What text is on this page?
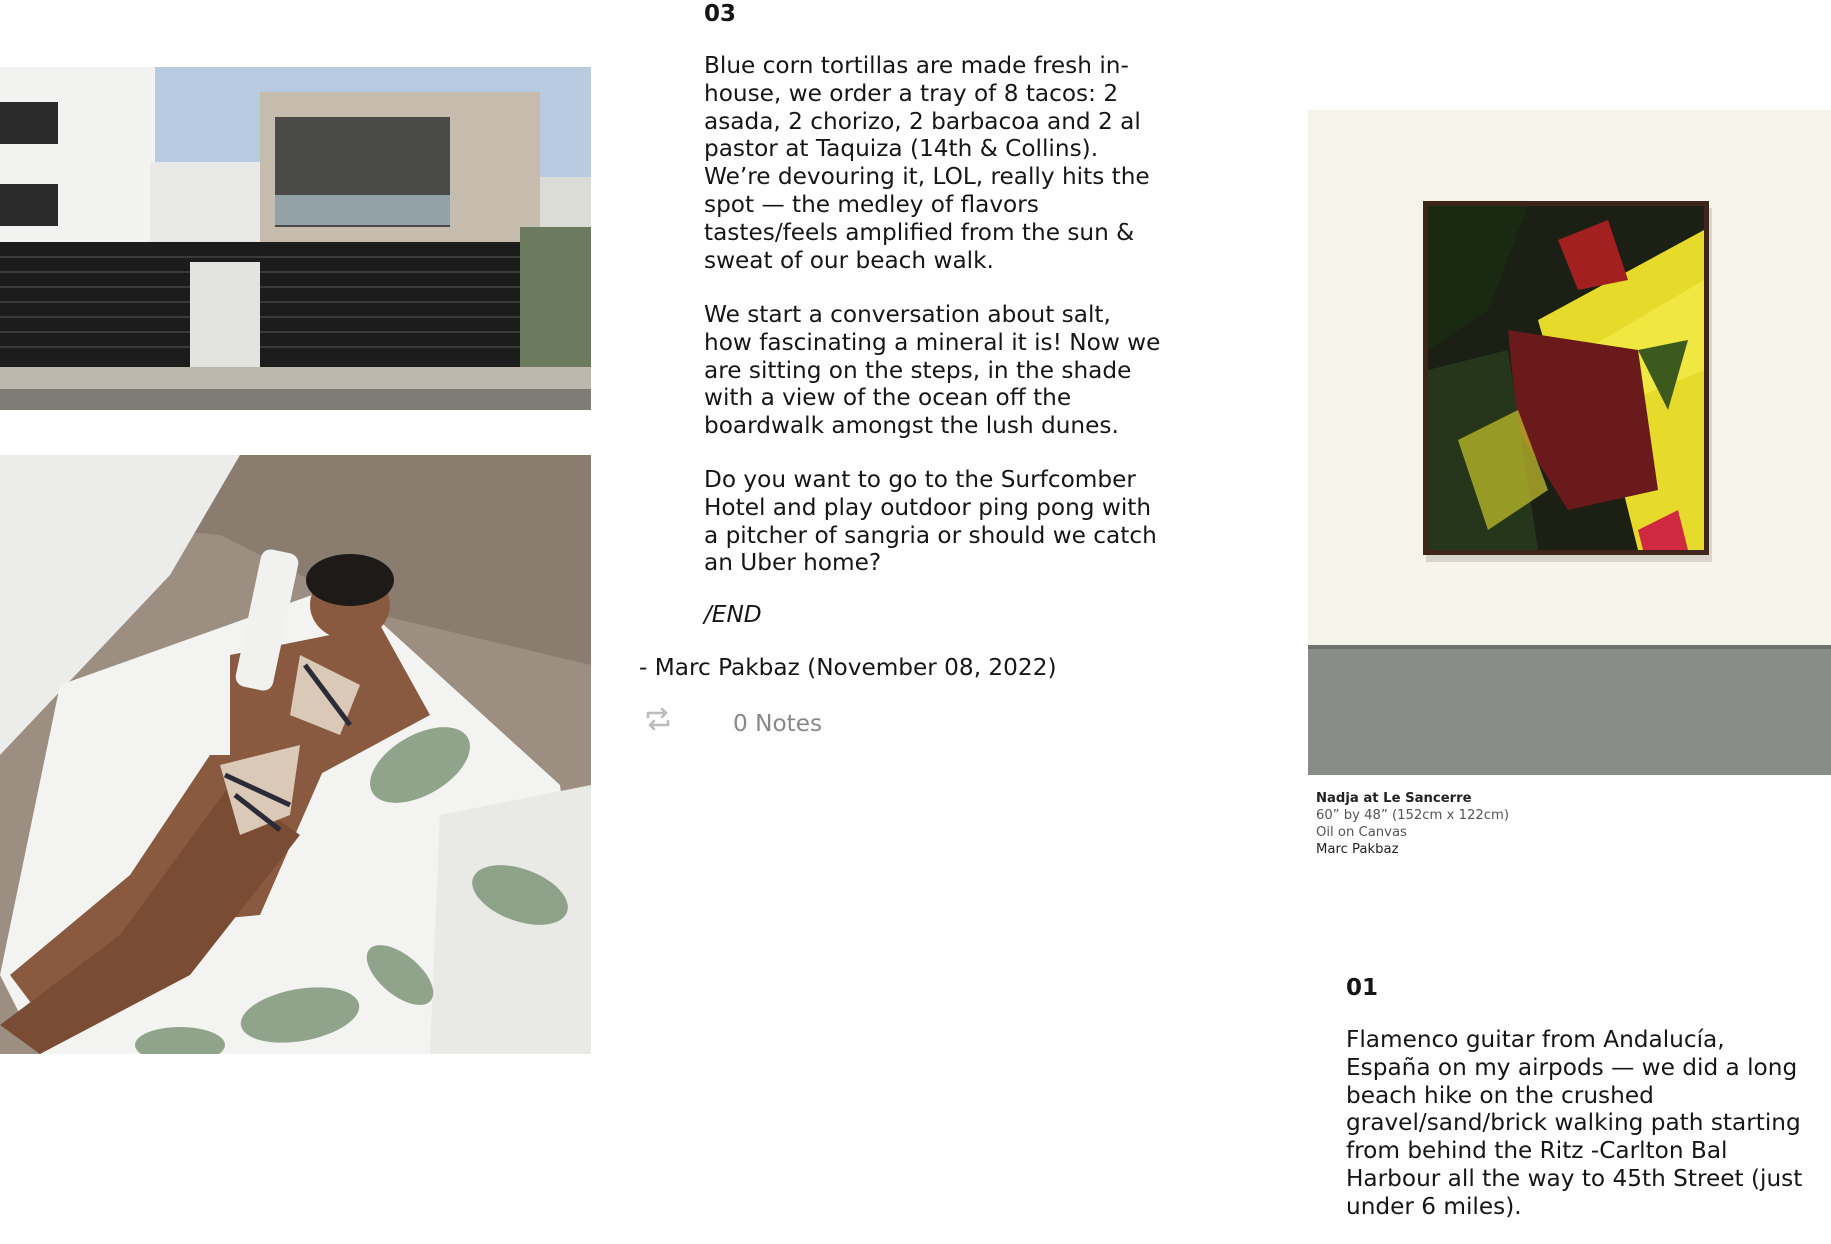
03

Blue corn tortillas are made fresh in-house, we order a tray of 8 tacos: 2 asada, 2 chorizo, 2 barbacoa and 2 al pastor at Taquiza (14th & Collins). We’re devouring it, LOL, really hits the spot — the medley of flavors tastes/feels amplified from the sun & sweat of our beach walk.

We start a conversation about salt, how fascinating a mineral it is! Now we are sitting on the steps, in the shade with a view of the ocean off the boardwalk amongst the lush dunes.

Do you want to go to the Surfcomber Hotel and play outdoor ping pong with a pitcher of sangria or should we catch an Uber home?

/END
- Marc Pakbaz (November 08, 2022)
0 Notes
Nadja at Le Sancerre
60” by 48” (152cm x 122cm)
Oil on Canvas
Marc Pakbaz
01

Flamenco guitar from Andalucía, España on my airpods — we did a long beach hike on the crushed gravel/sand/brick walking path starting from behind the Ritz -Carlton Bal Harbour all the way to 45th Street (just under 6 miles).
